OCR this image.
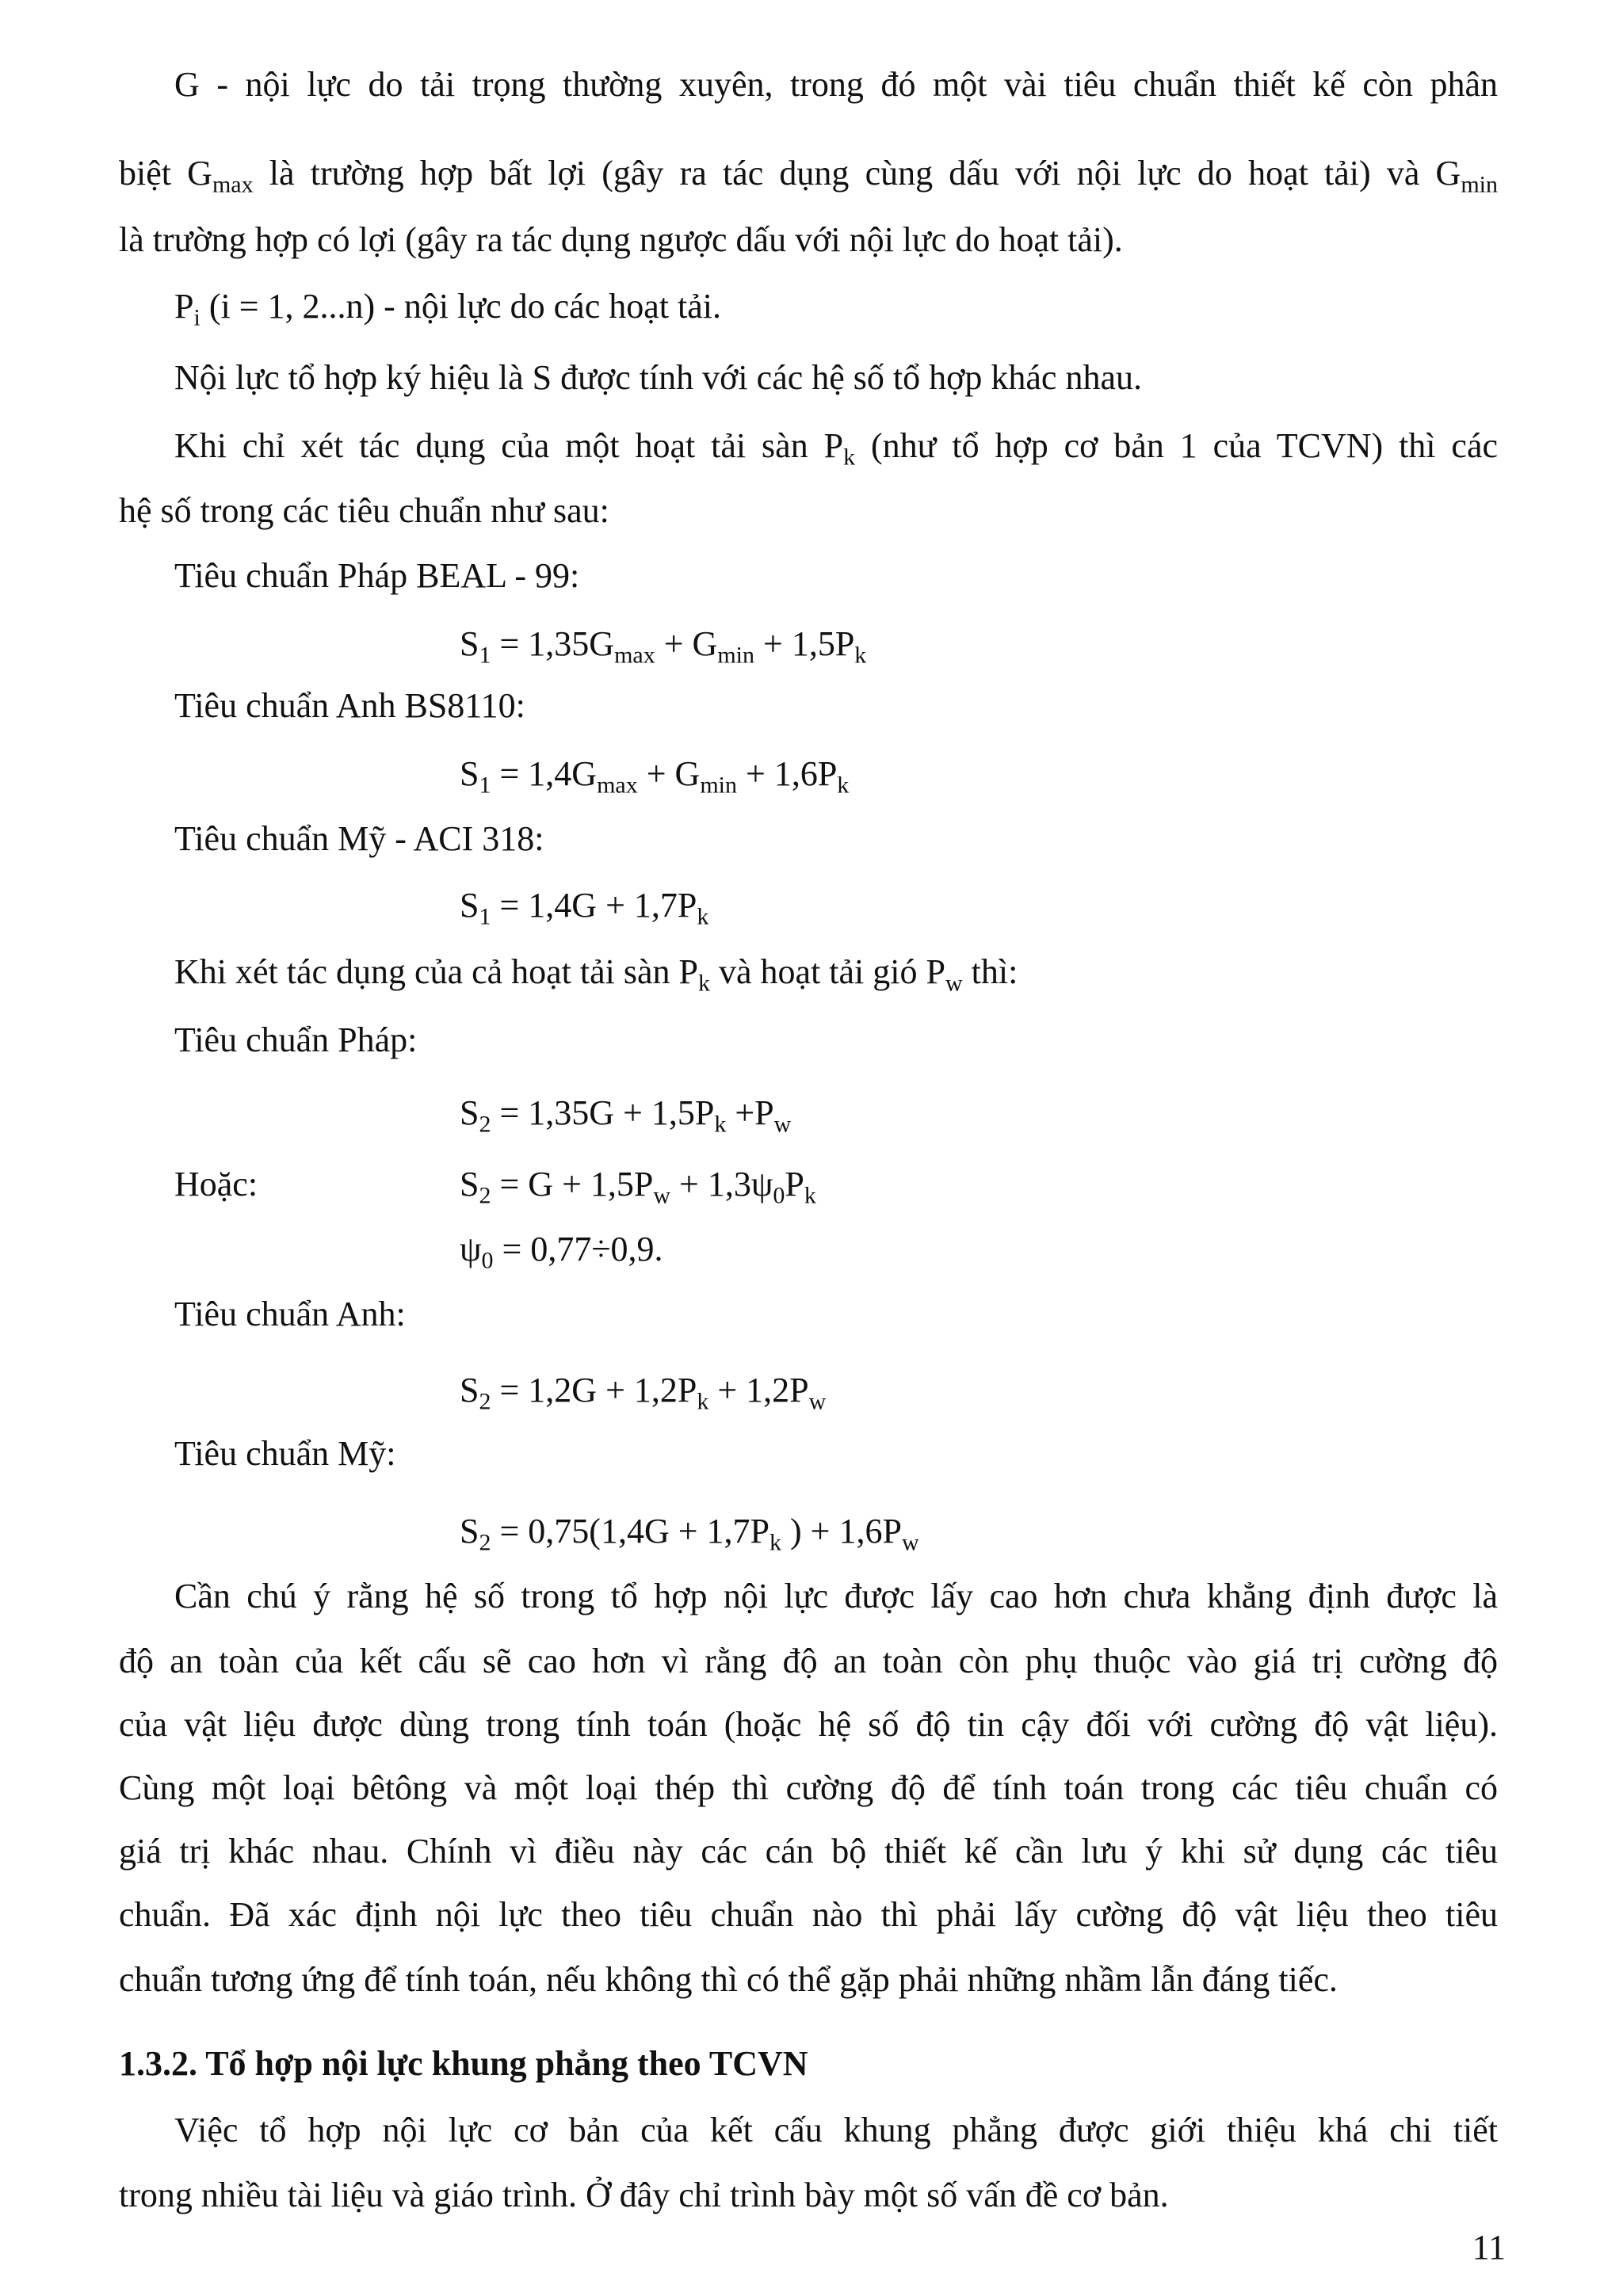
G - nội lực do tải trọng thường xuyên, trong đó một vài tiêu chuẩn thiết kế còn phân
biệt $G_{max}$ là trường hợp bất lợi (gây ra tác dụng cùng dấu với nội lực do hoạt tải) và $G_{min}$
là trường hợp có lợi (gây ra tác dụng ngược dấu với nội lực do hoạt tải).
$P_i$ (i = 1, 2...n) - nội lực do các hoạt tải.
Nội lực tổ hợp ký hiệu là S được tính với các hệ số tổ hợp khác nhau.
Khi chỉ xét tác dụng của một hoạt tải sàn $P_k$ (như tổ hợp cơ bản 1 của TCVN) thì các
hệ số trong các tiêu chuẩn như sau:
Tiêu chuẩn Pháp BEAL - 99:
$S_1 = 1,35G_{max} + G_{min} + 1,5P_k$
Tiêu chuẩn Anh BS8110:
$S_1 = 1,4G_{max} + G_{min} + 1,6P_k$
Tiêu chuẩn Mỹ - ACI 318:
$S_1 = 1,4G + 1,7P_k$
Khi xét tác dụng của cả hoạt tải sàn $P_k$ và hoạt tải gió $P_w$ thì:
Tiêu chuẩn Pháp:
$S_2 = 1,35G + 1,5P_k +P_w$
Hoặc:	$S_2 = G + 1,5P_w + 1,3\psi_0P_k$
$\psi_0 = 0,77\div 0,9$.
Tiêu chuẩn Anh:
$S_2 = 1,2G + 1,2P_k + 1,2P_w$
Tiêu chuẩn Mỹ:
$S_2 = 0,75(1,4G + 1,7P_k$ ) + $1,6P_w$
Cần chú ý rằng hệ số trong tổ hợp nội lực được lấy cao hơn chưa khẳng định được là
độ an toàn của kết cấu sẽ cao hơn vì rằng độ an toàn còn phụ thuộc vào giá trị cường độ
của vật liệu được dùng trong tính toán (hoặc hệ số độ tin cậy đối với cường độ vật liệu).
Cùng một loại bêtông và một loại thép thì cường độ để tính toán trong các tiêu chuẩn có
giá trị khác nhau. Chính vì điều này các cán bộ thiết kế cần lưu ý khi sử dụng các tiêu
chuẩn. Đã xác định nội lực theo tiêu chuẩn nào thì phải lấy cường độ vật liệu theo tiêu
chuẩn tương ứng để tính toán, nếu không thì có thể gặp phải những nhầm lẫn đáng tiếc.
1.3.2. Tổ hợp nội lực khung phẳng theo TCVN
Việc tổ hợp nội lực cơ bản của kết cấu khung phẳng được giới thiệu khá chi tiết
trong nhiều tài liệu và giáo trình. Ở đây chỉ trình bày một số vấn đề cơ bản.
11
